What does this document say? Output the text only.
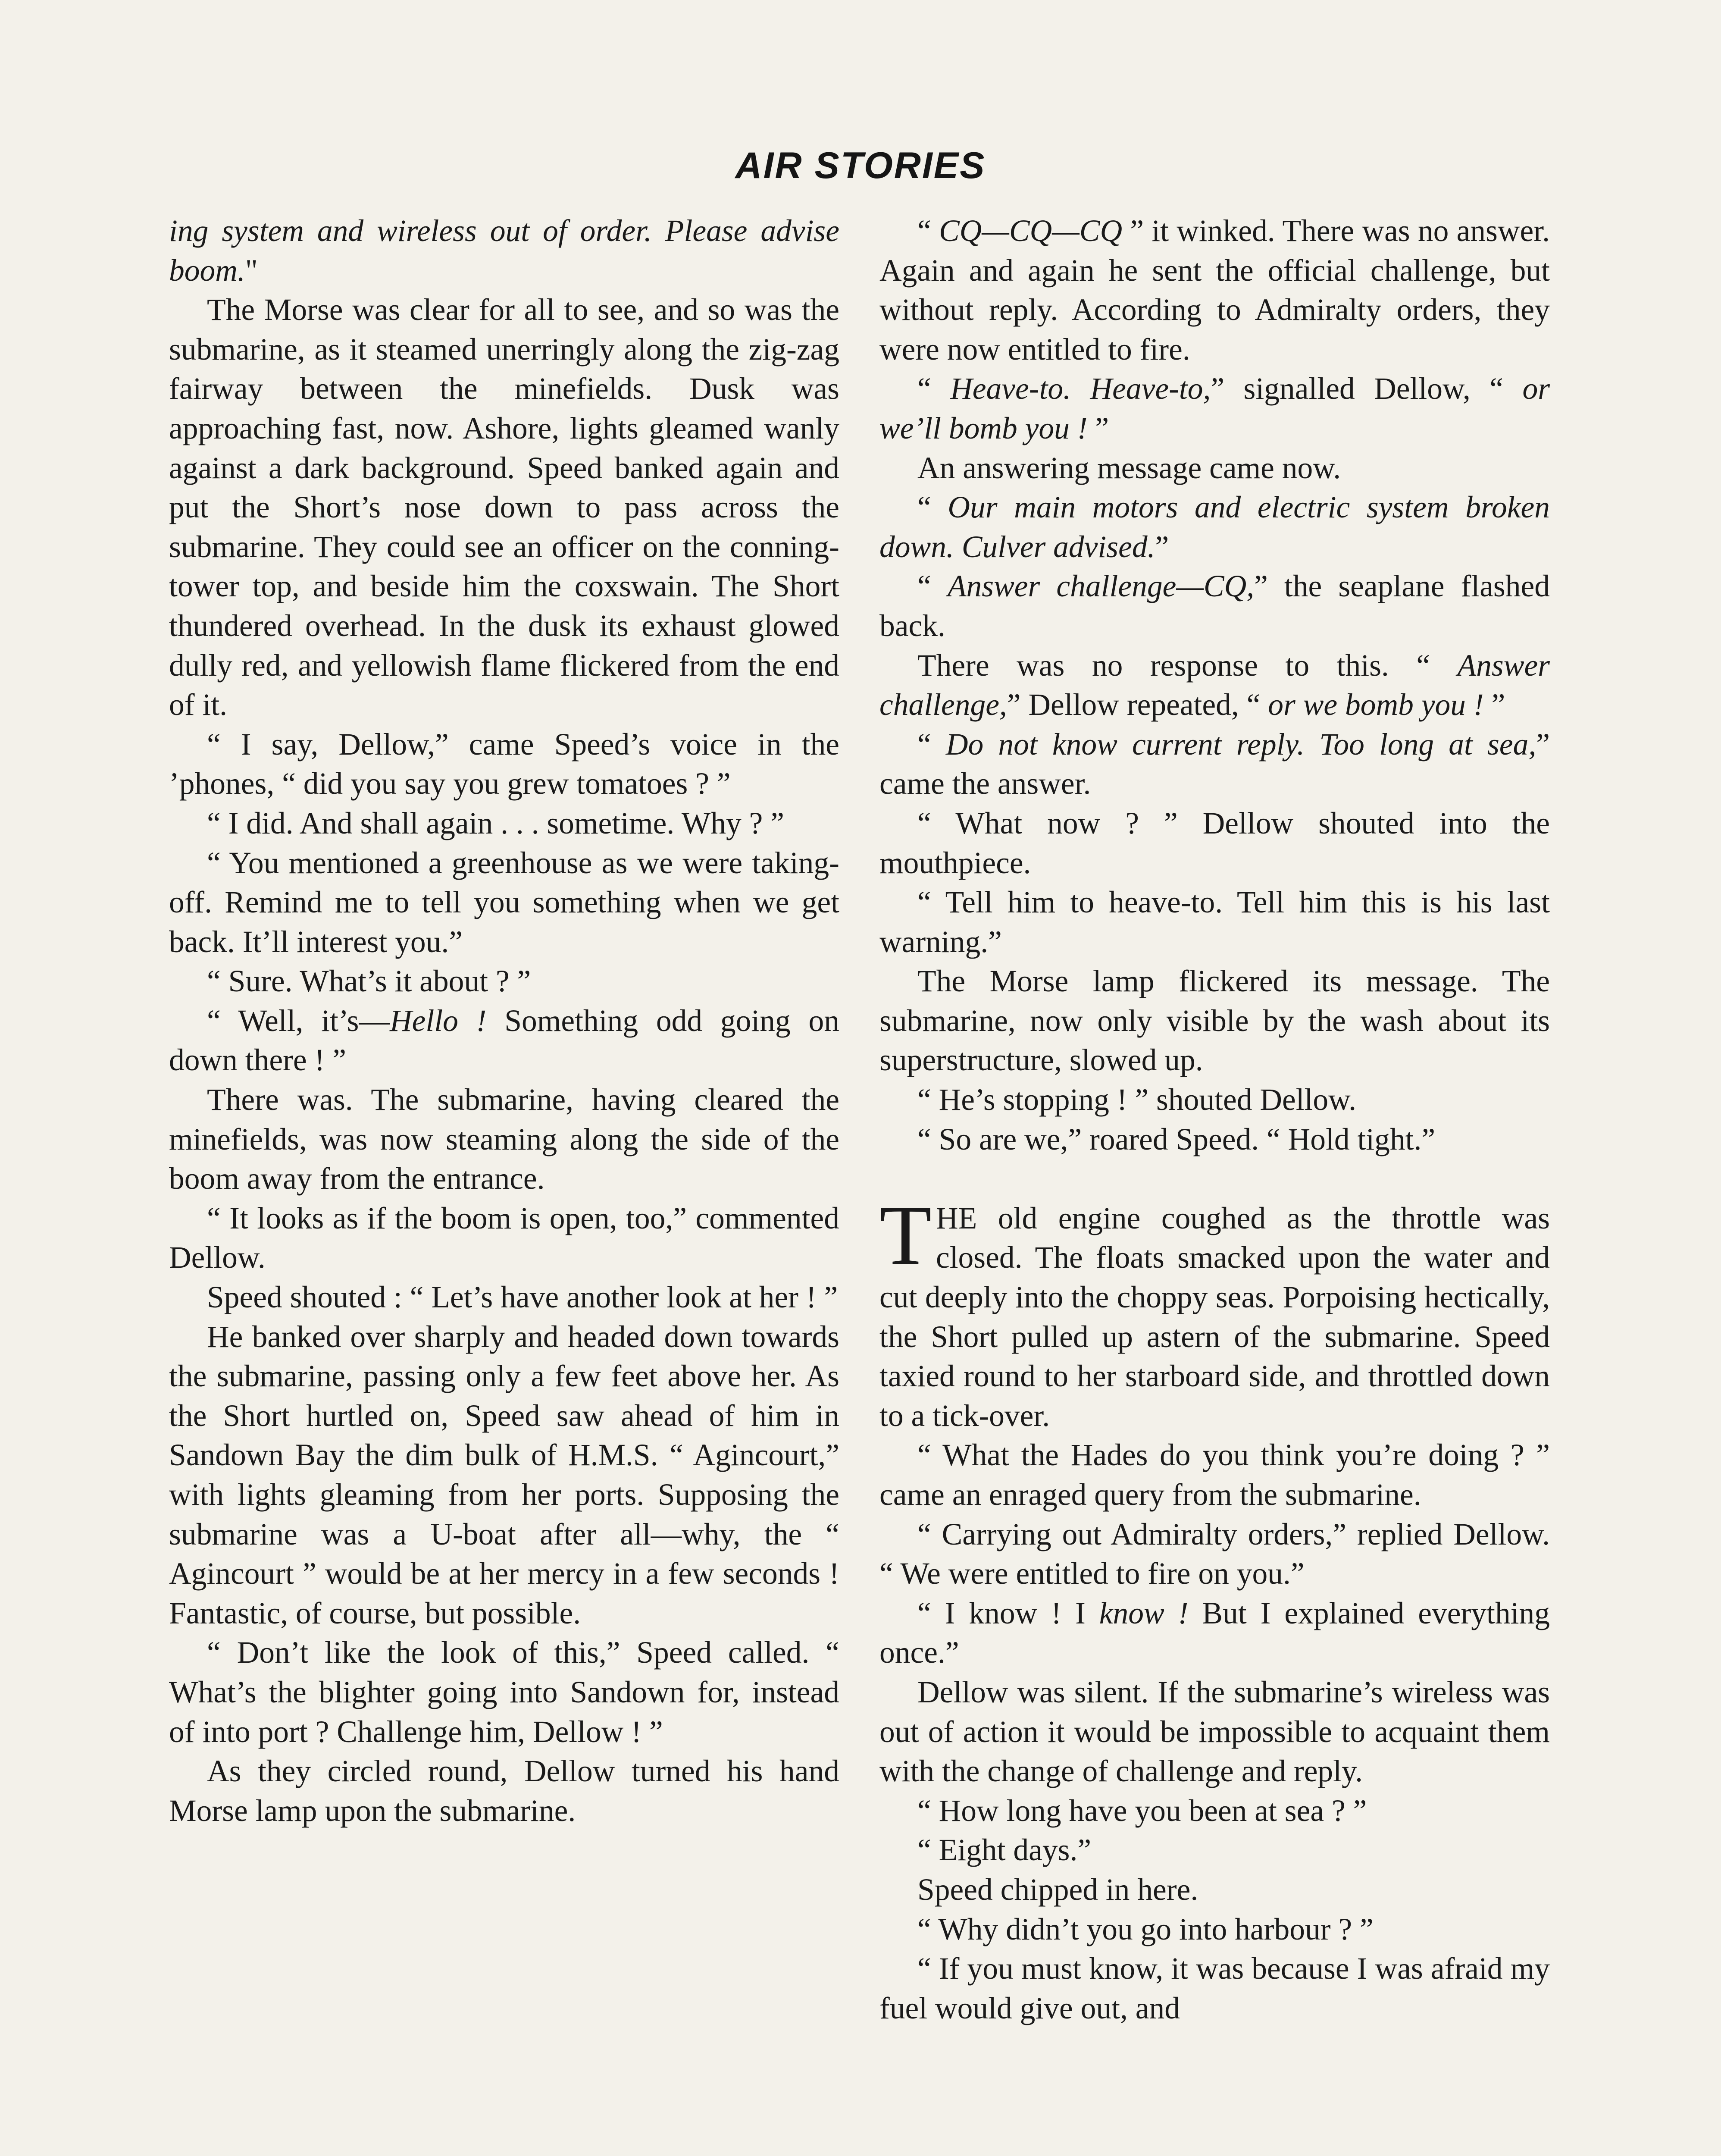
AIR STORIES

ing system and wireless out of order. Please advise boom."

The Morse was clear for all to see, and so was the submarine, as it steamed unerringly along the zig-zag fairway between the minefields. Dusk was approaching fast, now. Ashore, lights gleamed wanly against a dark background. Speed banked again and put the Short’s nose down to pass across the submarine. They could see an officer on the conning-tower top, and beside him the coxswain. The Short thundered overhead. In the dusk its exhaust glowed dully red, and yellowish flame flickered from the end of it.

“ I say, Dellow,” came Speed’s voice in the ’phones, “ did you say you grew tomatoes ? ”

“ I did. And shall again . . . sometime. Why ? ”

“ You mentioned a greenhouse as we were taking-off. Remind me to tell you something when we get back. It’ll interest you.”

“ Sure. What’s it about ? ”

“ Well, it’s—Hello ! Something odd going on down there ! ”

There was. The submarine, having cleared the minefields, was now steaming along the side of the boom away from the entrance.

“ It looks as if the boom is open, too,” commented Dellow.

Speed shouted : “ Let’s have another look at her ! ”

He banked over sharply and headed down towards the submarine, passing only a few feet above her. As the Short hurtled on, Speed saw ahead of him in Sandown Bay the dim bulk of H.M.S. “ Agincourt,” with lights gleaming from her ports. Supposing the submarine was a U-boat after all—why, the “ Agincourt ” would be at her mercy in a few seconds ! Fantastic, of course, but possible.

“ Don’t like the look of this,” Speed called. “ What’s the blighter going into Sandown for, instead of into port ? Challenge him, Dellow ! ”

As they circled round, Dellow turned his hand Morse lamp upon the submarine.

“ CQ—CQ—CQ ” it winked. There was no answer. Again and again he sent the official challenge, but without reply. According to Admiralty orders, they were now entitled to fire.

“ Heave-to. Heave-to,” signalled Dellow, “ or we’ll bomb you ! ”

An answering message came now.

“ Our main motors and electric system broken down. Culver advised.”

“ Answer challenge—CQ,” the seaplane flashed back.

There was no response to this. “ Answer challenge,” Dellow repeated, “ or we bomb you ! ”

“ Do not know current reply. Too long at sea,” came the answer.

“ What now ? ” Dellow shouted into the mouthpiece.

“ Tell him to heave-to. Tell him this is his last warning.”

The Morse lamp flickered its message. The submarine, now only visible by the wash about its superstructure, slowed up.

“ He’s stopping ! ” shouted Dellow.

“ So are we,” roared Speed. “ Hold tight.”

THE old engine coughed as the throttle was closed. The floats smacked upon the water and cut deeply into the choppy seas. Porpoising hectically, the Short pulled up astern of the submarine. Speed taxied round to her starboard side, and throttled down to a tick-over.

“ What the Hades do you think you’re doing ? ” came an enraged query from the submarine.

“ Carrying out Admiralty orders,” replied Dellow. “ We were entitled to fire on you.”

“ I know ! I know ! But I explained everything once.”

Dellow was silent. If the submarine’s wireless was out of action it would be impossible to acquaint them with the change of challenge and reply.

“ How long have you been at sea ? ”

“ Eight days.”

Speed chipped in here.

“ Why didn’t you go into harbour ? ”

“ If you must know, it was because I was afraid my fuel would give out, and
